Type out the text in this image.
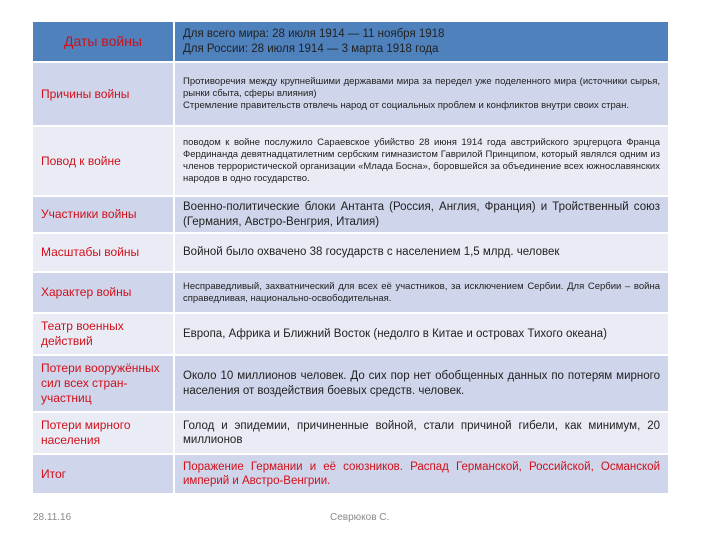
Даты войны	Для всего мира: 28 июля 1914 — 11 ноября 1918
Для России: 28 июля 1914 — 3 марта 1918 года

Причины войны	Противоречия между крупнейшими державами мира за передел уже поделенного мира (источники сырья, рынки сбыта, сферы влияния)
Стремление правительств отвлечь народ от социальных проблем и конфликтов внутри своих стран.

Повод к войне	поводом к войне послужило Сараевское убийство 28 июня 1914 года австрийского эрцгерцога Франца Фердинанда девятнадцатилетним сербским гимназистом Гаврилой Принципом, который являлся одним из членов террористической организации «Млада Босна», боровшейся за объединение всех южнославянских народов в одно государство.
Участники войны	Военно-политические блоки Антанта (Россия, Англия, Франция) и Тройственный союз (Германия, Австро-Венгрия, Италия)
Масштабы войны	Войной было охвачено 38 государств с населением 1,5 млрд. человек
Характер войны	Несправедливый, захватнический для всех её участников, за исключением Сербии. Для Сербии – война справедливая, национально-освободительная.
Театр военных действий	Европа, Африка и Ближний Восток (недолго в Китае и островах Тихого океана)
Потери вооружённых сил всех стран-участниц	Около 10 миллионов человек. До сих пор нет обобщенных данных по потерям мирного населения от воздействия боевых средств. человек.
Потери мирного населения	Голод и эпидемии, причиненные войной, стали причиной гибели, как минимум, 20 миллионов
Итог	Поражение Германии и её союзников. Распад Германской, Российской, Османской империй и Австро-Венгрии.
28.11.16	Севрюков С.
